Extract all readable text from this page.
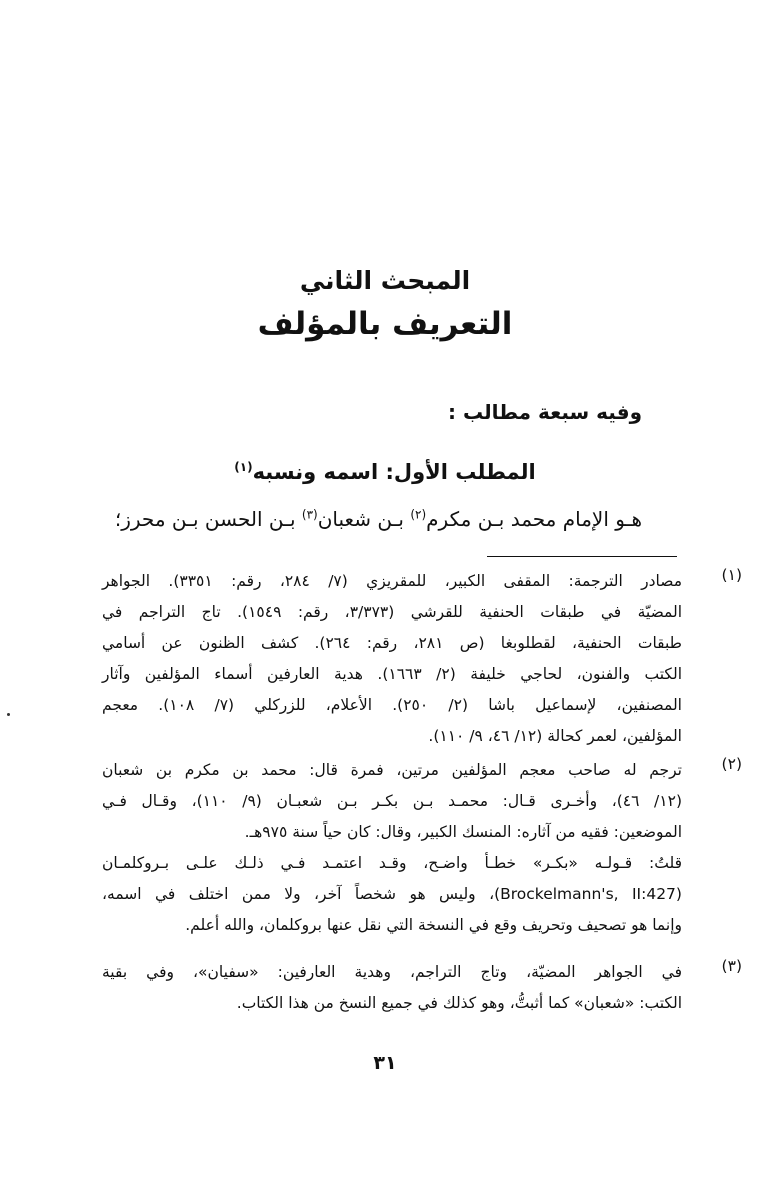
المبحث الثاني
التعريف بالمؤلف
وفيه سبعة مطالب :
المطلب الأول: اسمه ونسبه$^{(١)}$
هـو الإمام محمد بـن مكرم$^{(٢)}$ بـن شعبان$^{(٣)}$ بـن الحسن بـن محرز؛
(١)
مصادر الترجمة: المقفى الكبير، للمقريزي (٧/ ٢٨٤، رقم: ٣٣٥١). الجواهر
المضيّة في طبقات الحنفية للقرشي (٣/٣٧٣، رقم: ١٥٤٩). تاج التراجم في
طبقات الحنفية، لقطلوبغا (ص ٢٨١، رقم: ٢٦٤). كشف الظنون عن أسامي
الكتب والفنون، لحاجي خليفة (٢/ ١٦٦٣). هدية العارفين أسماء المؤلفين وآثار
المصنفين، لإسماعيل باشا (٢/ ٢٥٠). الأعلام، للزركلي (٧/ ١٠٨). معجم
المؤلفين، لعمر كحالة (١٢/ ٤٦، ٩/ ١١٠).
(٢)
ترجم له صاحب معجم المؤلفين مرتين، فمرة قال: محمد بن مكرم بن شعبان
(١٢/ ٤٦)، وأخـرى قـال: محمـد بـن بكـر بـن شعبـان (٩/ ١١٠)، وقـال فـي
الموضعين: فقيه من آثاره: المنسك الكبير، وقال: كان حياً سنة ٩٧٥هـ.
قلتُ: قـولـه «بكـر» خطـأ واضـح، وقـد اعتمـد فـي ذلـك علـى بـروكلمـان
(Brockelmann's, II:427)، وليس هو شخصاً آخر، ولا ممن اختلف في اسمه،
وإنما هو تصحيف وتحريف وقع في النسخة التي نقل عنها بروكلمان، والله أعلم.
(٣)
في الجواهر المضيّة، وتاج التراجم، وهدية العارفين: «سفيان»، وفي بقية
الكتب: «شعبان» كما أثبتُّ، وهو كذلك في جميع النسخ من هذا الكتاب.
٣١
